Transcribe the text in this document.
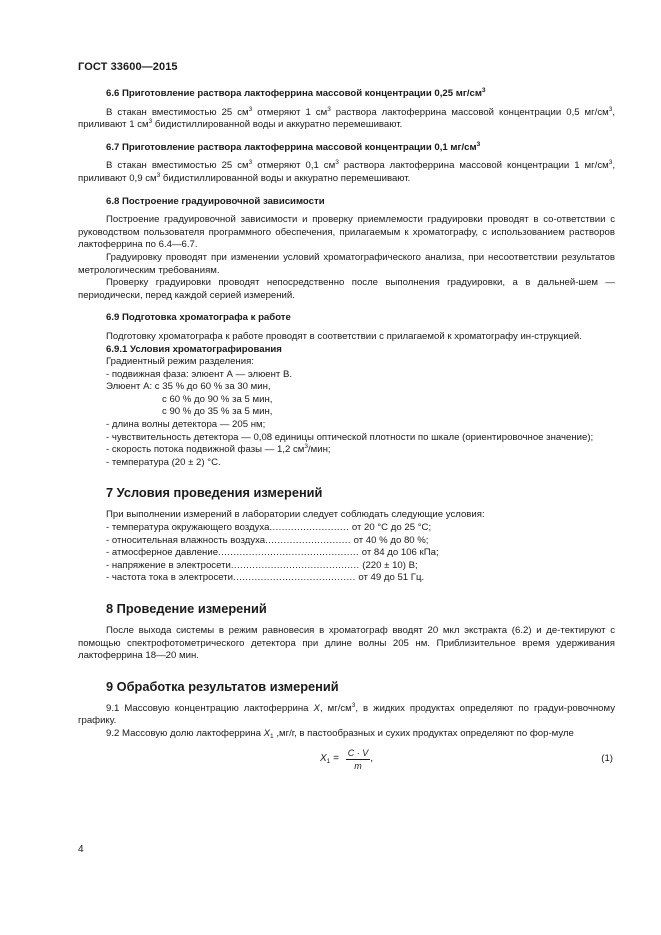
ГОСТ 33600—2015

6.6 Приготовление раствора лактоферрина массовой концентрации 0,25 $мг/см^3$

В стакан вместимостью 25 $см^3$ отмеряют 1 $см^3$ раствора лактоферрина массовой концентрации 0,5 $мг/см^3$, приливают 1 $см^3$ бидистиллированной воды и аккуратно перемешивают.

6.7 Приготовление раствора лактоферрина массовой концентрации 0,1 $мг/см^3$

В стакан вместимостью 25 $см^3$ отмеряют 0,1 $см^3$ раствора лактоферрина массовой концентрации 1 $мг/см^3$, приливают 0,9 $см^3$ бидистиллированной воды и аккуратно перемешивают.

6.8 Построение градуировочной зависимости

Построение градуировочной зависимости и проверку приемлемости градуировки проводят в со-ответствии с руководством пользователя программного обеспечения, прилагаемым к хроматографу, с использованием растворов лактоферрина по 6.4—6.7.

Градуировку проводят при изменении условий хроматографического анализа, при несоответствии результатов метрологическим требованиям.

Проверку градуировки проводят непосредственно после выполнения градуировки, а в дальней-шем — периодически, перед каждой серией измерений.

6.9 Подготовка хроматографа к работе

Подготовку хроматографа к работе проводят в соответствии с прилагаемой к хроматографу ин-струкцией.

6.9.1 Условия хроматографирования

Градиентный режим разделения:

- подвижная фаза: элюент А — элюент В.

Элюент А: с 35 % до 60 % за 30 мин,

с 60 % до 90 % за 5 мин,

с 90 % до 35 % за 5 мин,

- длина волны детектора — 205 нм;

- чувствительность детектора — 0,08 единицы оптической плотности по шкале (ориентировочное значение);

- скорость потока подвижной фазы — 1,2 $см^3$/мин;

- температура (20 ± 2) °С.

7 Условия проведения измерений

При выполнении измерений в лаборатории следует соблюдать следующие условия:

- температура окружающего воздуха.......................... от 20 °С до 25 °С;

- относительная влажность воздуха............................ от 40 % до 80 %;

- атмосферное давление.............................................. от 84 до 106 кПа;

- напряжение в электросети.......................................... (220 ± 10) В;

- частота тока в электросети........................................ от 49 до 51 Гц.

8 Проведение измерений

После выхода системы в режим равновесия в хроматограф вводят 20 мкл экстракта (6.2) и де-тектируют с помощью спектрофотометрического детектора при длине волны 205 нм. Приблизительное время удерживания лактоферрина 18—20 мин.

9 Обработка результатов измерений

9.1 Массовую концентрацию лактоферрина X, $мг/см^3$, в жидких продуктах определяют по градуи-ровочному графику.

9.2 Массовую долю лактоферрина $X_1$ ,мг/г, в пастообразных и сухих продуктах определяют по фор-муле

$X_1 = \frac{C \cdot V}{m}$ ,	(1)
4
